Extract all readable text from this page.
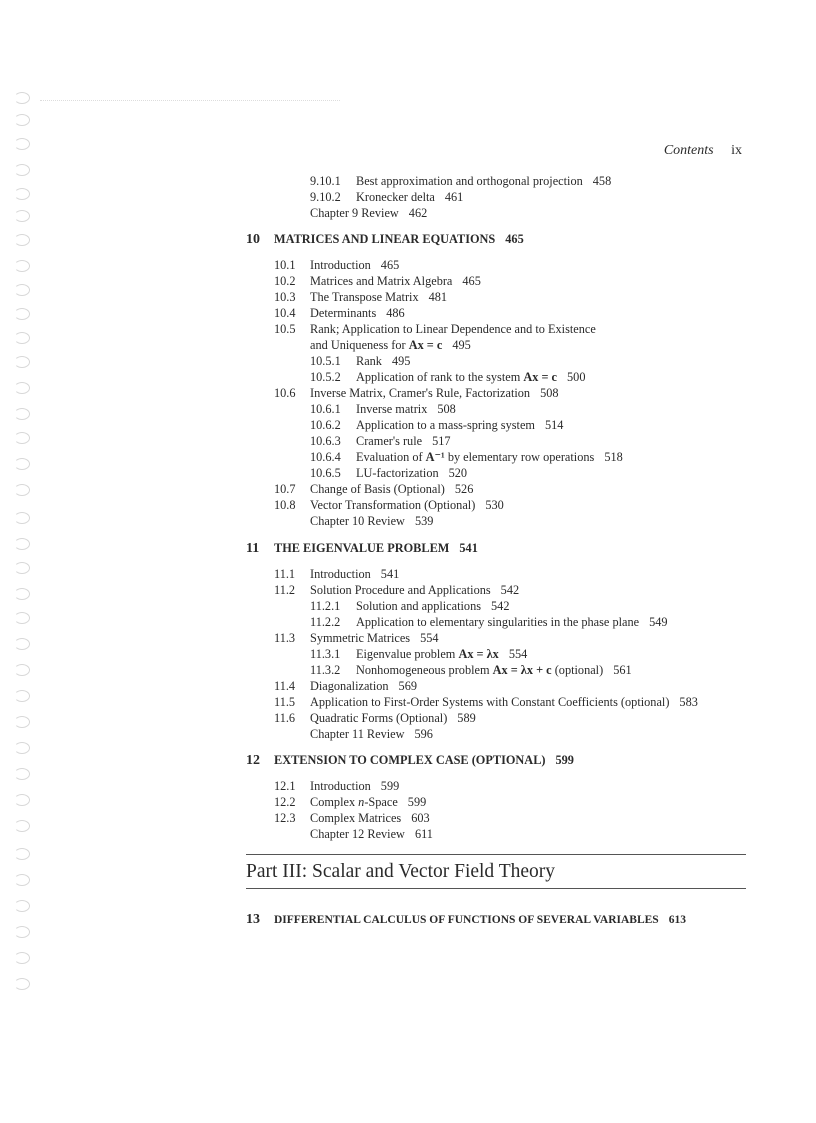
Contents ix
9.10.1 Best approximation and orthogonal projection 458
9.10.2 Kronecker delta 461
Chapter 9 Review 462
10 MATRICES AND LINEAR EQUATIONS 465
10.1 Introduction 465
10.2 Matrices and Matrix Algebra 465
10.3 The Transpose Matrix 481
10.4 Determinants 486
10.5 Rank; Application to Linear Dependence and to Existence
and Uniqueness for Ax = c 495
10.5.1 Rank 495
10.5.2 Application of rank to the system Ax = c 500
10.6 Inverse Matrix, Cramer's Rule, Factorization 508
10.6.1 Inverse matrix 508
10.6.2 Application to a mass-spring system 514
10.6.3 Cramer's rule 517
10.6.4 Evaluation of A⁻¹ by elementary row operations 518
10.6.5 LU-factorization 520
10.7 Change of Basis (Optional) 526
10.8 Vector Transformation (Optional) 530
Chapter 10 Review 539
11 THE EIGENVALUE PROBLEM 541
11.1 Introduction 541
11.2 Solution Procedure and Applications 542
11.2.1 Solution and applications 542
11.2.2 Application to elementary singularities in the phase plane 549
11.3 Symmetric Matrices 554
11.3.1 Eigenvalue problem Ax = λx 554
11.3.2 Nonhomogeneous problem Ax = λx + c (optional) 561
11.4 Diagonalization 569
11.5 Application to First-Order Systems with Constant Coefficients (optional) 583
11.6 Quadratic Forms (Optional) 589
Chapter 11 Review 596
12 EXTENSION TO COMPLEX CASE (OPTIONAL) 599
12.1 Introduction 599
12.2 Complex n-Space 599
12.3 Complex Matrices 603
Chapter 12 Review 611
Part III: Scalar and Vector Field Theory
13 DIFFERENTIAL CALCULUS OF FUNCTIONS OF SEVERAL VARIABLES 613
